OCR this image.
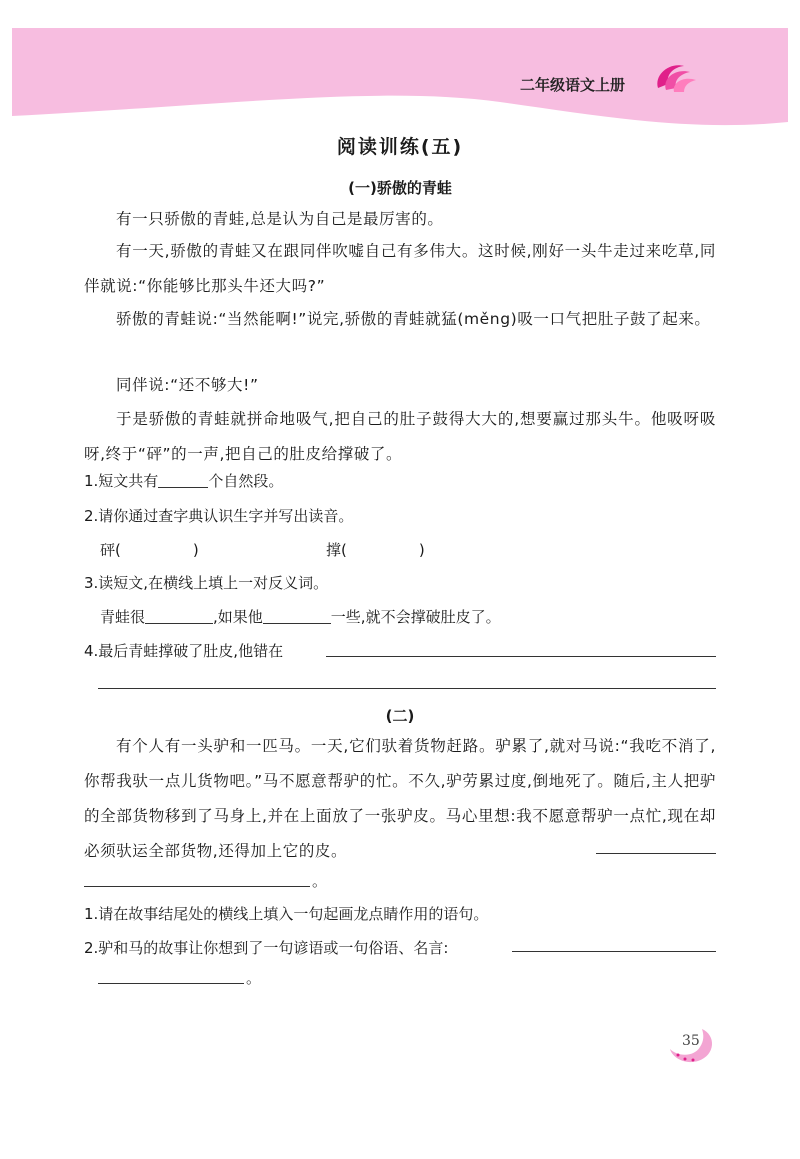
二年级语文上册
阅读训练(五)
(一)骄傲的青蛙

有一只骄傲的青蛙,总是认为自己是最厉害的。

有一天,骄傲的青蛙又在跟同伴吹嘘自己有多伟大。这时候,刚好一头牛走过来吃草,同伴就说:“你能够比那头牛还大吗?”

骄傲的青蛙说:“当然能啊!”说完,骄傲的青蛙就猛(měng)吸一口气把肚子鼓了起来。

同伴说:“还不够大!”

于是骄傲的青蛙就拼命地吸气,把自己的肚子鼓得大大的,想要赢过那头牛。他吸呀吸呀,终于“砰”的一声,把自己的肚皮给撑破了。

1.短文共有	个自然段。
2.请你通过查字典认识生字并写出读音。
砰(	)	撑(	)
3.读短文,在横线上填上一对反义词。
青蛙很	,如果他	一些,就不会撑破肚皮了。
4.最后青蛙撑破了肚皮,他错在
(二)

有个人有一头驴和一匹马。一天,它们驮着货物赶路。驴累了,就对马说:“我吃不消了,你帮我驮一点儿货物吧。”马不愿意帮驴的忙。不久,驴劳累过度,倒地死了。随后,主人把驴的全部货物移到了马身上,并在上面放了一张驴皮。马心里想:我不愿意帮驴一点忙,现在却必须驮运全部货物,还得加上它的皮。

。
1.请在故事结尾处的横线上填入一句起画龙点睛作用的语句。
2.驴和马的故事让你想到了一句谚语或一句俗语、名言:
。
35
